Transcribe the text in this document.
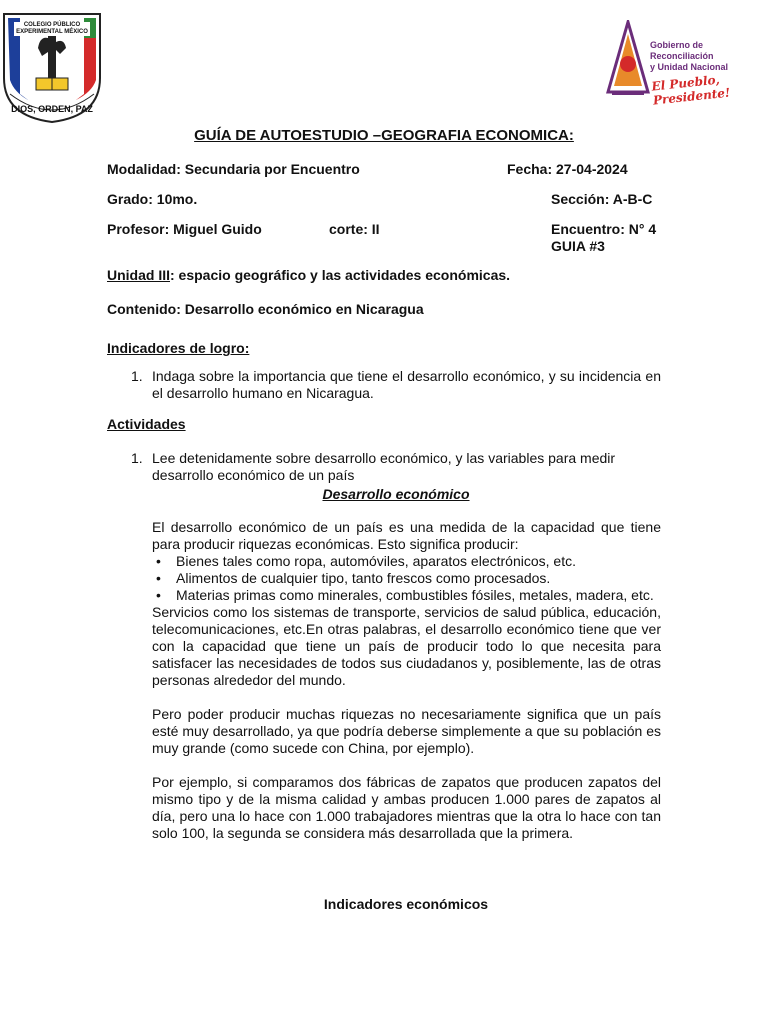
COLEGIO PÚBLICO
EXPERIMENTAL MÉXICO
DIOS, ORDEN, PAZ
Gobierno de Reconciliación
y Unidad Nacional
El Pueblo, Presidente!
GUÍA DE AUTOESTUDIO –GEOGRAFIA ECONOMICA:
Modalidad: Secundaria por Encuentro	Fecha: 27-04-2024
Grado: 10mo.	Sección: A-B-C
Profesor: Miguel Guido	corte: II	Encuentro: N° 4
GUIA #3
Unidad III: espacio geográfico y las actividades económicas.
Contenido: Desarrollo económico en Nicaragua
Indicadores de logro:
1. Indaga sobre la importancia que tiene el desarrollo económico, y su incidencia en el desarrollo humano en Nicaragua.
Actividades
1. Lee detenidamente sobre desarrollo económico, y las variables para medir desarrollo económico de un país
Desarrollo económico
El desarrollo económico de un país es una medida de la capacidad que tiene para producir riquezas económicas. Esto significa producir:
• Bienes tales como ropa, automóviles, aparatos electrónicos, etc.
• Alimentos de cualquier tipo, tanto frescos como procesados.
• Materias primas como minerales, combustibles fósiles, metales, madera, etc.
Servicios como los sistemas de transporte, servicios de salud pública, educación, telecomunicaciones, etc.En otras palabras, el desarrollo económico tiene que ver con la capacidad que tiene un país de producir todo lo que necesita para satisfacer las necesidades de todos sus ciudadanos y, posiblemente, las de otras personas alrededor del mundo.
Pero poder producir muchas riquezas no necesariamente significa que un país esté muy desarrollado, ya que podría deberse simplemente a que su población es muy grande (como sucede con China, por ejemplo).
Por ejemplo, si comparamos dos fábricas de zapatos que producen zapatos del mismo tipo y de la misma calidad y ambas producen 1.000 pares de zapatos al día, pero una lo hace con 1.000 trabajadores mientras que la otra lo hace con tan solo 100, la segunda se considera más desarrollada que la primera.
Indicadores económicos
